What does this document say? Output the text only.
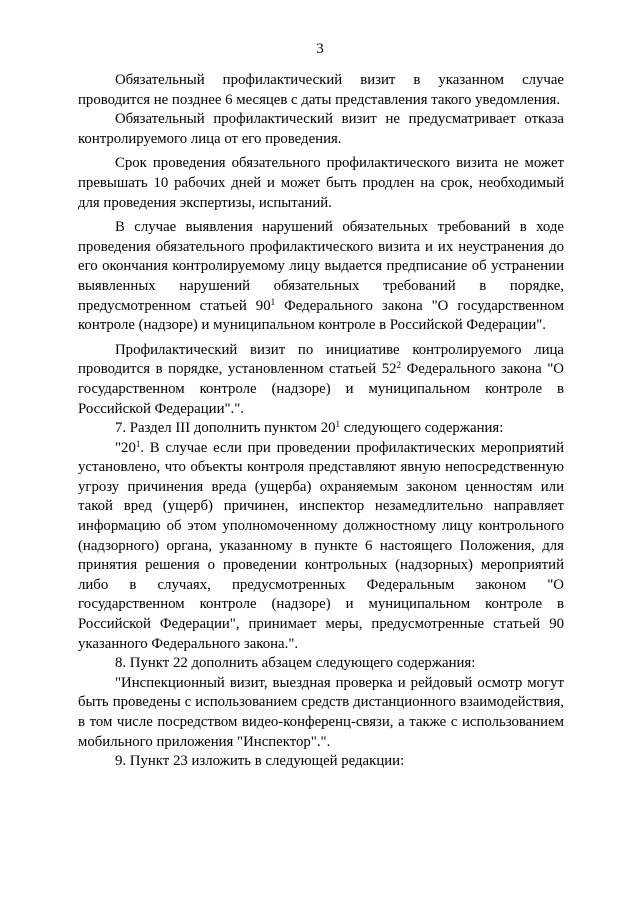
3

Обязательный профилактический визит в указанном случае проводится не позднее 6 месяцев с даты представления такого уведомления.

Обязательный профилактический визит не предусматривает отказа контролируемого лица от его проведения.

Срок проведения обязательного профилактического визита не может превышать 10 рабочих дней и может быть продлен на срок, необходимый для проведения экспертизы, испытаний.

В случае выявления нарушений обязательных требований в ходе проведения обязательного профилактического визита и их неустранения до его окончания контролируемому лицу выдается предписание об устранении выявленных нарушений обязательных требований в порядке, предусмотренном статьей $90^1$ Федерального закона "О государственном контроле (надзоре) и муниципальном контроле в Российской Федерации".

Профилактический визит по инициативе контролируемого лица проводится в порядке, установленном статьей $52^2$ Федерального закона "О государственном контроле (надзоре) и муниципальном контроле в Российской Федерации".".

7. Раздел III дополнить пунктом $20^1$ следующего содержания:

"$20^1$. В случае если при проведении профилактических мероприятий установлено, что объекты контроля представляют явную непосредственную угрозу причинения вреда (ущерба) охраняемым законом ценностям или такой вред (ущерб) причинен, инспектор незамедлительно направляет информацию об этом уполномоченному должностному лицу контрольного (надзорного) органа, указанному в пункте 6 настоящего Положения, для принятия решения о проведении контрольных (надзорных) мероприятий либо в случаях, предусмотренных Федеральным законом "О государственном контроле (надзоре) и муниципальном контроле в Российской Федерации", принимает меры, предусмотренные статьей 90 указанного Федерального закона.".

8. Пункт 22 дополнить абзацем следующего содержания:

"Инспекционный визит, выездная проверка и рейдовый осмотр могут быть проведены с использованием средств дистанционного взаимодействия, в том числе посредством видео-конференц-связи, а также с использованием мобильного приложения "Инспектор".".

9. Пункт 23 изложить в следующей редакции:
